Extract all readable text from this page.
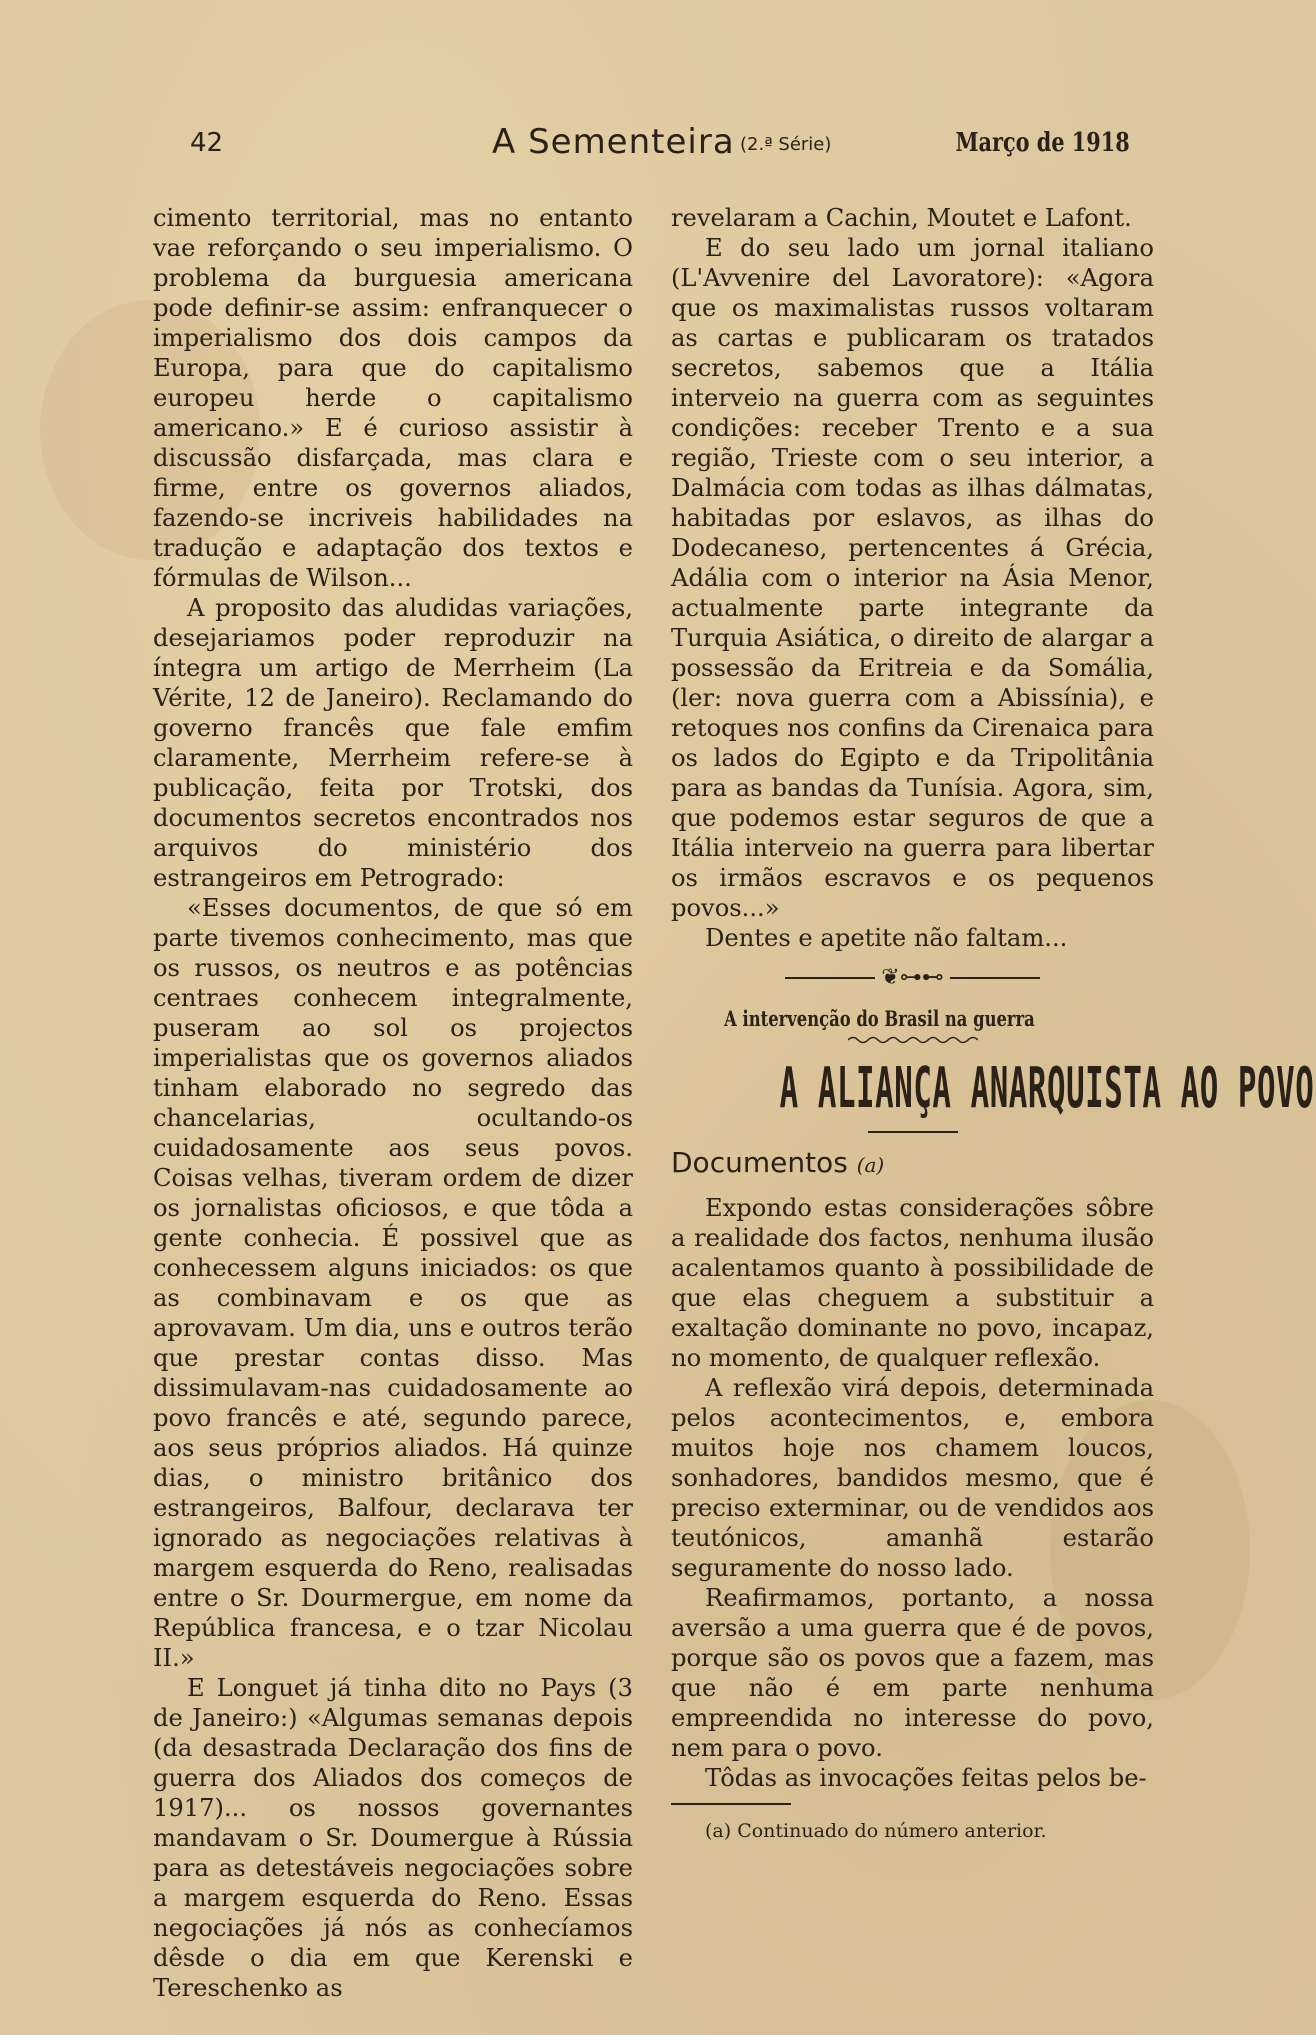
42	A Sementeira (2.ª Série)	Março de 1918

cimento territorial, mas no entanto vae reforçando o seu imperialismo. O problema da burguesia americana pode definir-se assim: enfranquecer o imperialismo dos dois campos da Europa, para que do capitalismo europeu herde o capitalismo americano.» E é curioso assistir à discussão disfarçada, mas clara e firme, entre os governos aliados, fazendo-se incriveis habilidades na tradução e adaptação dos textos e fórmulas de Wilson...

A proposito das aludidas variações, desejariamos poder reproduzir na íntegra um artigo de Merrheim (La Vérite, 12 de Janeiro). Reclamando do governo francês que fale emfim claramente, Merrheim refere-se à publicação, feita por Trotski, dos documentos secretos encontrados nos arquivos do ministério dos estrangeiros em Petrogrado:

«Esses documentos, de que só em parte tivemos conhecimento, mas que os russos, os neutros e as potências centraes conhecem integralmente, puseram ao sol os projectos imperialistas que os governos aliados tinham elaborado no segredo das chancelarias, ocultando-os cuidadosamente aos seus povos. Coisas velhas, tiveram ordem de dizer os jornalistas oficiosos, e que tôda a gente conhecia. É possivel que as conhecessem alguns iniciados: os que as combinavam e os que as aprovavam. Um dia, uns e outros terão que prestar contas disso. Mas dissimulavam-nas cuidadosamente ao povo francês e até, segundo parece, aos seus próprios aliados. Há quinze dias, o ministro britânico dos estrangeiros, Balfour, declarava ter ignorado as negociações relativas à margem esquerda do Reno, realisadas entre o Sr. Dourmergue, em nome da República francesa, e o tzar Nicolau II.»

E Longuet já tinha dito no Pays (3 de Janeiro:) «Algumas semanas depois (da desastrada Declaração dos fins de guerra dos Aliados dos começos de 1917)... os nossos governantes mandavam o Sr. Doumergue à Rússia para as detestáveis negociações sobre a margem esquerda do Reno. Essas negociações já nós as conhecíamos dêsde o dia em que Kerenski e Tereschenko as

revelaram a Cachin, Moutet e Lafont.

E do seu lado um jornal italiano (L'Avvenire del Lavoratore): «Agora que os maximalistas russos voltaram as cartas e publicaram os tratados secretos, sabemos que a Itália interveio na guerra com as seguintes condições: receber Trento e a sua região, Trieste com o seu interior, a Dalmácia com todas as ilhas dálmatas, habitadas por eslavos, as ilhas do Dodecaneso, pertencentes á Grécia, Adália com o interior na Ásia Menor, actualmente parte integrante da Turquia Asiática, o direito de alargar a possessão da Eritreia e da Somália, (ler: nova guerra com a Abissínia), e retoques nos confins da Cirenaica para os lados do Egipto e da Tripolitânia para as bandas da Tunísia. Agora, sim, que podemos estar seguros de que a Itália interveio na guerra para libertar os irmãos escravos e os pequenos povos...»

Dentes e apetite não faltam...

❦⊶⊷
A intervenção do Brasil na guerra
A ALIANÇA ANARQUISTA AO POVO
Documentos (a)

Expondo estas considerações sôbre a realidade dos factos, nenhuma ilusão acalentamos quanto à possibilidade de que elas cheguem a substituir a exaltação dominante no povo, incapaz, no momento, de qualquer reflexão.

A reflexão virá depois, determinada pelos acontecimentos, e, embora muitos hoje nos chamem loucos, sonhadores, bandidos mesmo, que é preciso exterminar, ou de vendidos aos teutónicos, amanhã estarão seguramente do nosso lado.

Reafirmamos, portanto, a nossa aversão a uma guerra que é de povos, porque são os povos que a fazem, mas que não é em parte nenhuma empreendida no interesse do povo, nem para o povo.

Tôdas as invocações feitas pelos be-

(a) Continuado do número anterior.
